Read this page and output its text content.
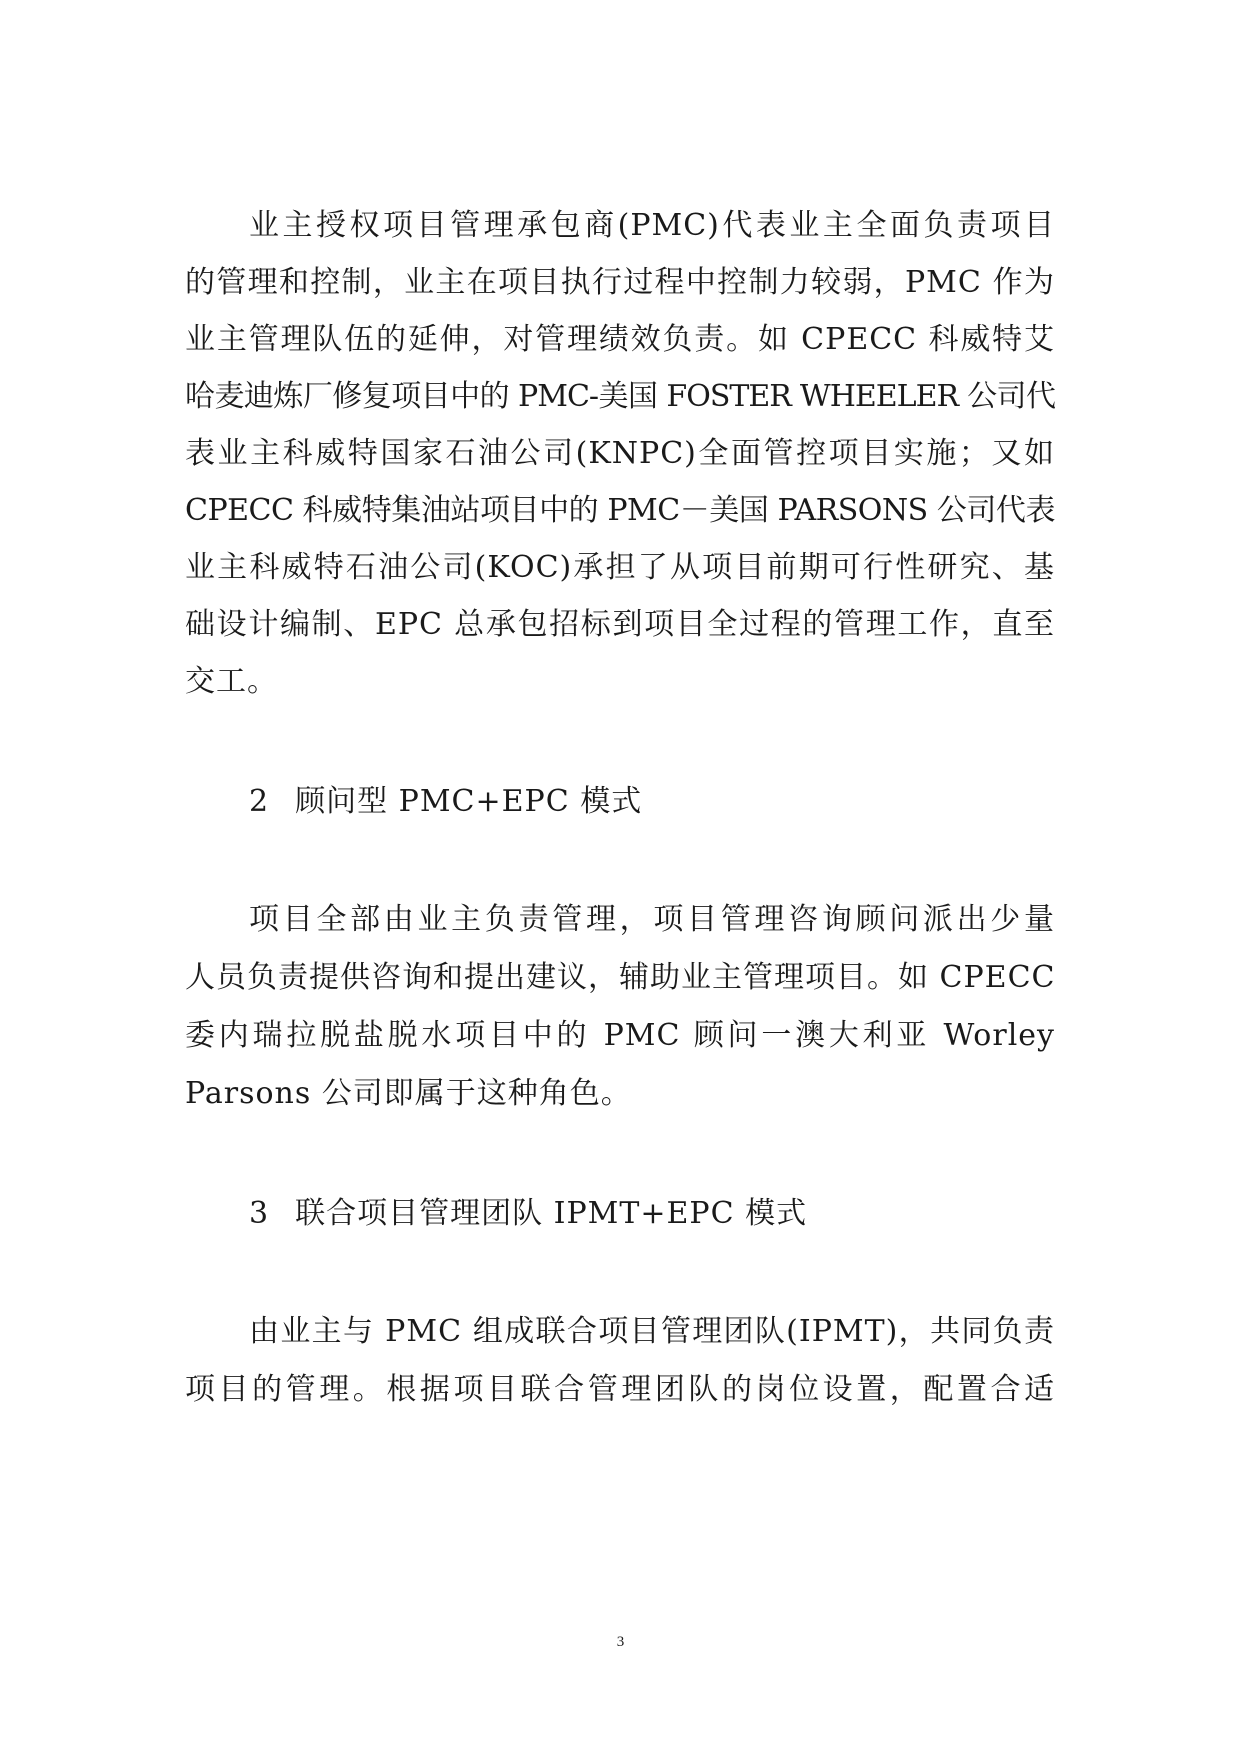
业主授权项目管理承包商(PMC)代表业主全面负责项目
的管理和控制，业主在项目执行过程中控制力较弱，PMC 作为
业主管理队伍的延伸，对管理绩效负责。如 CPECC 科威特艾
哈麦迪炼厂修复项目中的 PMC-美国 FOSTER WHEELER 公司代
表业主科威特国家石油公司(KNPC)全面管控项目实施；又如
CPECC 科威特集油站项目中的 PMC－美国 PARSONS 公司代表
业主科威特石油公司(KOC)承担了从项目前期可行性研究、基
础设计编制、EPC 总承包招标到项目全过程的管理工作，直至
交工。
2 顾问型 PMC+EPC 模式
项目全部由业主负责管理，项目管理咨询顾问派出少量
人员负责提供咨询和提出建议，辅助业主管理项目。如 CPECC
委内瑞拉脱盐脱水项目中的 PMC 顾问一澳大利亚 Worley
Parsons 公司即属于这种角色。
3 联合项目管理团队 IPMT+EPC 模式
由业主与 PMC 组成联合项目管理团队(IPMT)，共同负责
项目的管理。根据项目联合管理团队的岗位设置，配置合适
3
